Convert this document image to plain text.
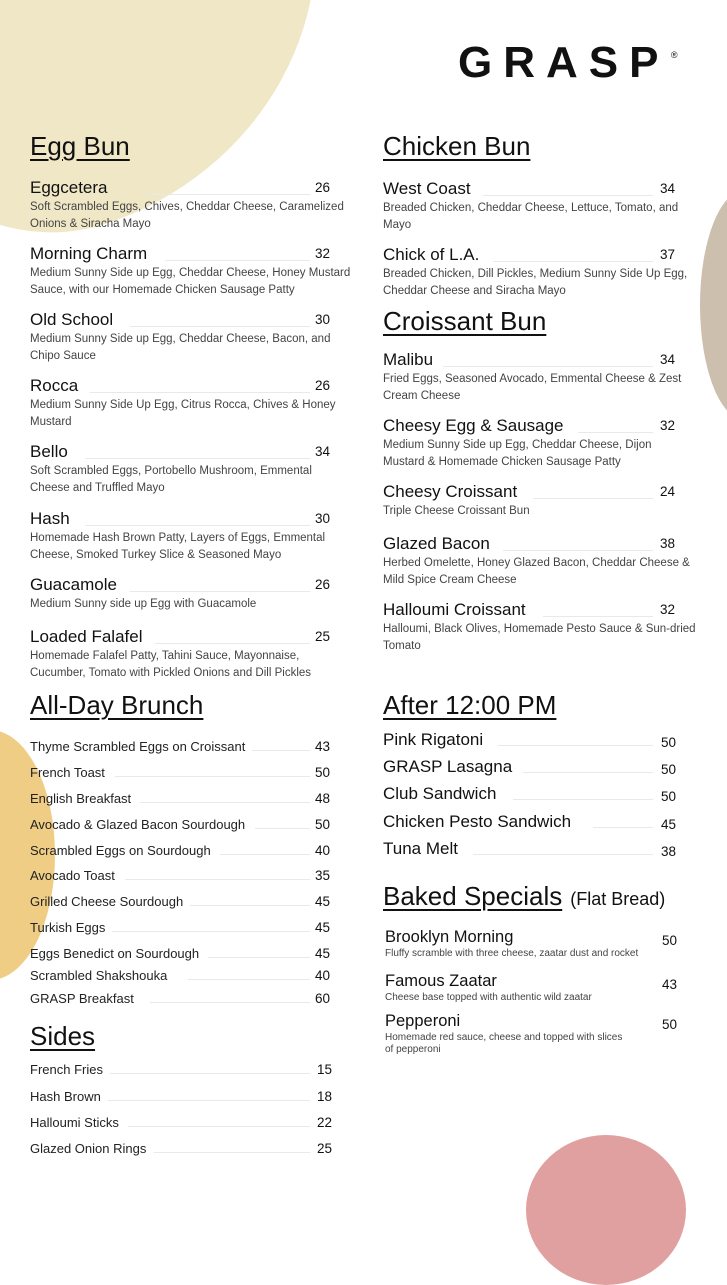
GRASP ®
Egg Bun
Eggcetera	26
Soft Scrambled Eggs, Chives, Cheddar Cheese, Caramelized Onions & Siracha Mayo
Morning Charm	32
Medium Sunny Side up Egg, Cheddar Cheese, Honey Mustard Sauce, with our Homemade Chicken Sausage Patty
Old School	30
Medium Sunny Side up Egg, Cheddar Cheese, Bacon, and Chipo Sauce
Rocca	26
Medium Sunny Side Up Egg, Citrus Rocca, Chives & Honey Mustard
Bello	34
Soft Scrambled Eggs, Portobello Mushroom, Emmental Cheese and Truffled Mayo
Hash	30
Homemade Hash Brown Patty, Layers of Eggs, Emmental Cheese, Smoked Turkey Slice & Seasoned Mayo
Guacamole	26
Medium Sunny side up Egg with Guacamole
Loaded Falafel	25
Homemade Falafel Patty, Tahini Sauce, Mayonnaise, Cucumber, Tomato with Pickled Onions and Dill Pickles
Chicken Bun
West Coast	34
Breaded Chicken, Cheddar Cheese, Lettuce, Tomato, and Mayo
Chick of L.A.	37
Breaded Chicken, Dill Pickles, Medium Sunny Side Up Egg, Cheddar Cheese and Siracha Mayo
Croissant Bun
Malibu	34
Fried Eggs, Seasoned Avocado, Emmental Cheese & Zest Cream Cheese
Cheesy Egg & Sausage	32
Medium Sunny Side up Egg, Cheddar Cheese, Dijon Mustard & Homemade Chicken Sausage Patty
Cheesy Croissant	24
Triple Cheese Croissant Bun
Glazed Bacon	38
Herbed Omelette, Honey Glazed Bacon, Cheddar Cheese & Mild Spice Cream Cheese
Halloumi Croissant	32
Halloumi, Black Olives, Homemade Pesto Sauce & Sun-dried Tomato
All-Day Brunch
Thyme Scrambled Eggs on Croissant	43
French Toast	50
English Breakfast	48
Avocado & Glazed Bacon Sourdough	50
Scrambled Eggs on Sourdough	40
Avocado Toast	35
Grilled Cheese Sourdough	45
Turkish Eggs	45
Eggs Benedict on Sourdough	45
Scrambled Shakshouka	40
GRASP Breakfast	60
Sides
French Fries	15
Hash Brown	18
Halloumi Sticks	22
Glazed Onion Rings	25
After 12:00 PM
Pink Rigatoni	50
GRASP Lasagna	50
Club Sandwich	50
Chicken Pesto Sandwich	45
Tuna Melt	38
Baked Specials (Flat Bread)
Brooklyn Morning	50
Fluffy scramble with three cheese, zaatar dust and rocket
Famous Zaatar	43
Cheese base topped with authentic wild zaatar
Pepperoni	50
Homemade red sauce, cheese and topped with slices of pepperoni
